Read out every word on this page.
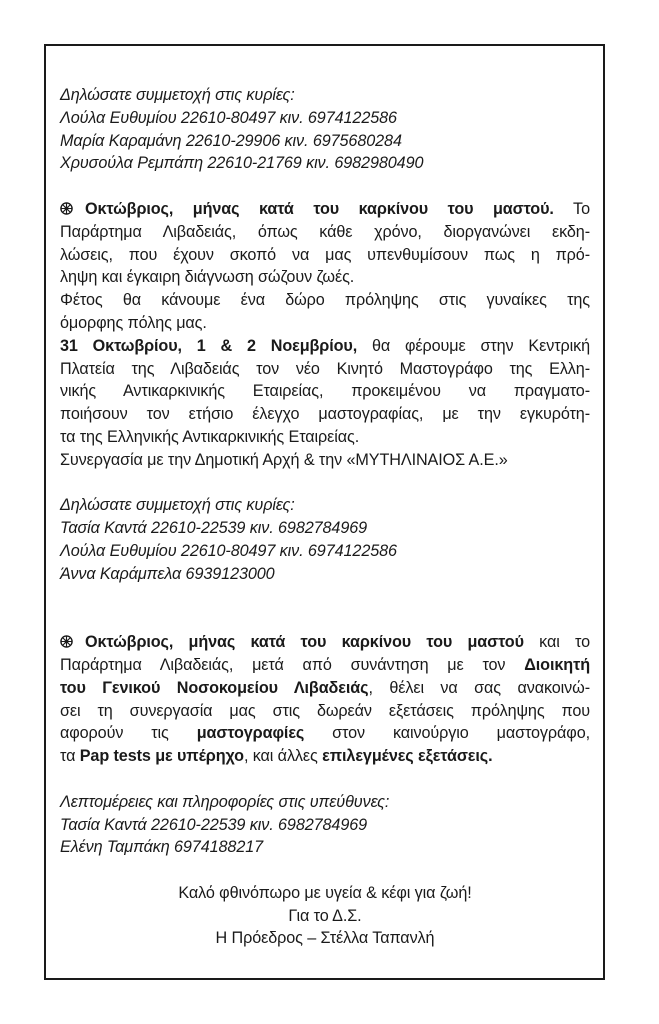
Δηλώσατε συμμετοχή στις κυρίες:
Λούλα Ευθυμίου 22610-80497 κιν. 6974122586
Μαρία Καραμάνη 22610-29906 κιν. 6975680284
Χρυσούλα Ρεμπάπη 22610-21769 κιν. 6982980490
Οκτώβριος, μήνας κατά του καρκίνου του μαστού. Το
Παράρτημα Λιβαδειάς, όπως κάθε χρόνο, διοργανώνει εκδη-
λώσεις, που έχουν σκοπό να μας υπενθυμίσουν πως η πρό-
ληψη και έγκαιρη διάγνωση σώζουν ζωές.
Φέτος θα κάνουμε ένα δώρο πρόληψης στις γυναίκες της
όμορφης πόλης μας.
31 Οκτωβρίου, 1 & 2 Νοεμβρίου, θα φέρουμε στην Κεντρική
Πλατεία της Λιβαδειάς τον νέο Κινητό Μαστογράφο της Ελλη-
νικής Αντικαρκινικής Εταιρείας, προκειμένου να πραγματο-
ποιήσουν τον ετήσιο έλεγχο μαστογραφίας, με την εγκυρότη-
τα της Ελληνικής Αντικαρκινικής Εταιρείας.
Συνεργασία με την Δημοτική Αρχή & την «ΜΥΤΗΛΙΝΑΙΟΣ Α.Ε.»
Δηλώσατε συμμετοχή στις κυρίες:
Τασία Καντά 22610-22539 κιν. 6982784969
Λούλα Ευθυμίου 22610-80497 κιν. 6974122586
Άννα Καράμπελα 6939123000
Οκτώβριος, μήνας κατά του καρκίνου του μαστού και το
Παράρτημα Λιβαδειάς, μετά από συνάντηση με τον Διοικητή
του Γενικού Νοσοκομείου Λιβαδειάς, θέλει να σας ανακοινώ-
σει τη συνεργασία μας στις δωρεάν εξετάσεις πρόληψης που
αφορούν τις μαστογραφίες στον καινούργιο μαστογράφο,
τα Pap tests με υπέρηχο, και άλλες επιλεγμένες εξετάσεις.
Λεπτομέρειες και πληροφορίες στις υπεύθυνες:
Τασία Καντά 22610-22539 κιν. 6982784969
Ελένη Ταμπάκη 6974188217
Καλό φθινόπωρο με υγεία & κέφι για ζωή!
Για το Δ.Σ.
Η Πρόεδρος – Στέλλα Ταπανλή
